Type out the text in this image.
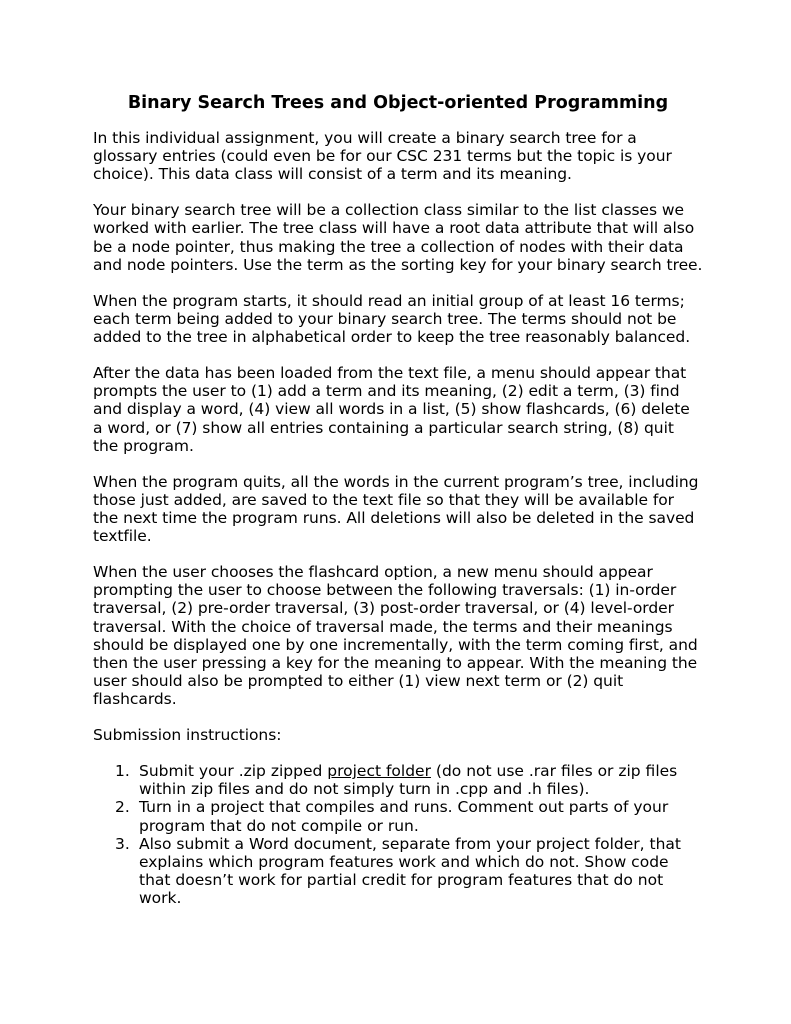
Binary Search Trees and Object-oriented Programming

In this individual assignment, you will create a binary search tree for a glossary entries (could even be for our CSC 231 terms but the topic is your choice). This data class will consist of a term and its meaning.

Your binary search tree will be a collection class similar to the list classes we worked with earlier. The tree class will have a root data attribute that will also be a node pointer, thus making the tree a collection of nodes with their data and node pointers. Use the term as the sorting key for your binary search tree.

When the program starts, it should read an initial group of at least 16 terms; each term being added to your binary search tree. The terms should not be added to the tree in alphabetical order to keep the tree reasonably balanced.

After the data has been loaded from the text file, a menu should appear that prompts the user to (1) add a term and its meaning, (2) edit a term, (3) find and display a word, (4) view all words in a list, (5) show flashcards, (6) delete a word, or (7) show all entries containing a particular search string, (8) quit the program.

When the program quits, all the words in the current program’s tree, including those just added, are saved to the text file so that they will be available for the next time the program runs. All deletions will also be deleted in the saved textfile.

When the user chooses the flashcard option, a new menu should appear prompting the user to choose between the following traversals: (1) in-order traversal, (2) pre-order traversal, (3) post-order traversal, or (4) level-order traversal. With the choice of traversal made, the terms and their meanings should be displayed one by one incrementally, with the term coming first, and then the user pressing a key for the meaning to appear. With the meaning the user should also be prompted to either (1) view next term or (2) quit flashcards.

Submission instructions:

1. Submit your .zip zipped project folder (do not use .rar files or zip files within zip files and do not simply turn in .cpp and .h files).
2. Turn in a project that compiles and runs. Comment out parts of your program that do not compile or run.
3. Also submit a Word document, separate from your project folder, that explains which program features work and which do not. Show code that doesn’t work for partial credit for program features that do not work.
